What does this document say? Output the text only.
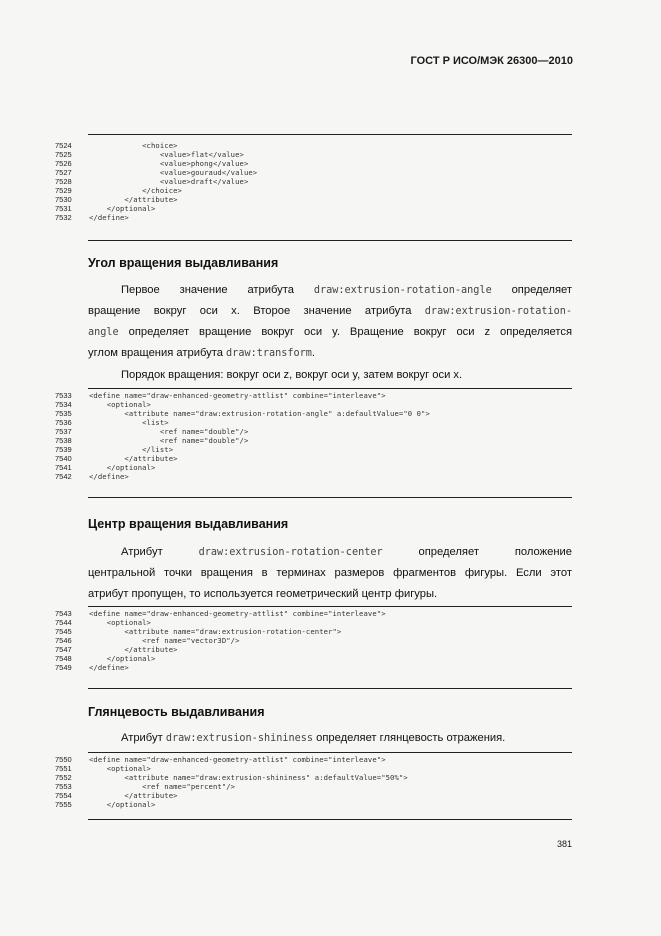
ГОСТ Р ИСО/МЭК 26300—2010
7524	<choice>
7525	<value>flat</value>
7526	<value>phong</value>
7527	<value>gouraud</value>
7528	<value>draft</value>
7529	</choice>
7530	</attribute>
7531	</optional>
7532	</define>
Угол вращения выдавливания
Первое значение атрибута draw:extrusion-rotation-angle определяет
вращение вокруг оси x. Второе значение атрибута draw:extrusion-rotation-
angle определяет вращение вокруг оси y. Вращение вокруг оси z определяется
углом вращения атрибута draw:transform.
Порядок вращения: вокруг оси z, вокруг оси y, затем вокруг оси x.
7533	<define name="draw-enhanced-geometry-attlist" combine="interleave">
7534	<optional>
7535	<attribute name="draw:extrusion-rotation-angle" a:defaultValue="0 0">
7536	<list>
7537	<ref name="double"/>
7538	<ref name="double"/>
7539	</list>
7540	</attribute>
7541	</optional>
7542	</define>
Центр вращения выдавливания
Атрибут	draw:extrusion-rotation-center	определяет	положение
центральной точки вращения в терминах размеров фрагментов фигуры. Если этот
атрибут пропущен, то используется геометрический центр фигуры.
7543	<define name="draw-enhanced-geometry-attlist" combine="interleave">
7544	<optional>
7545	<attribute name="draw:extrusion-rotation-center">
7546	<ref name="vector3D"/>
7547	</attribute>
7548	</optional>
7549	</define>
Глянцевость выдавливания
Атрибут draw:extrusion-shininess определяет глянцевость отражения.
7550	<define name="draw-enhanced-geometry-attlist" combine="interleave">
7551	<optional>
7552	<attribute name="draw:extrusion-shininess" a:defaultValue="50%">
7553	<ref name="percent"/>
7554	</attribute>
7555	</optional>
381
